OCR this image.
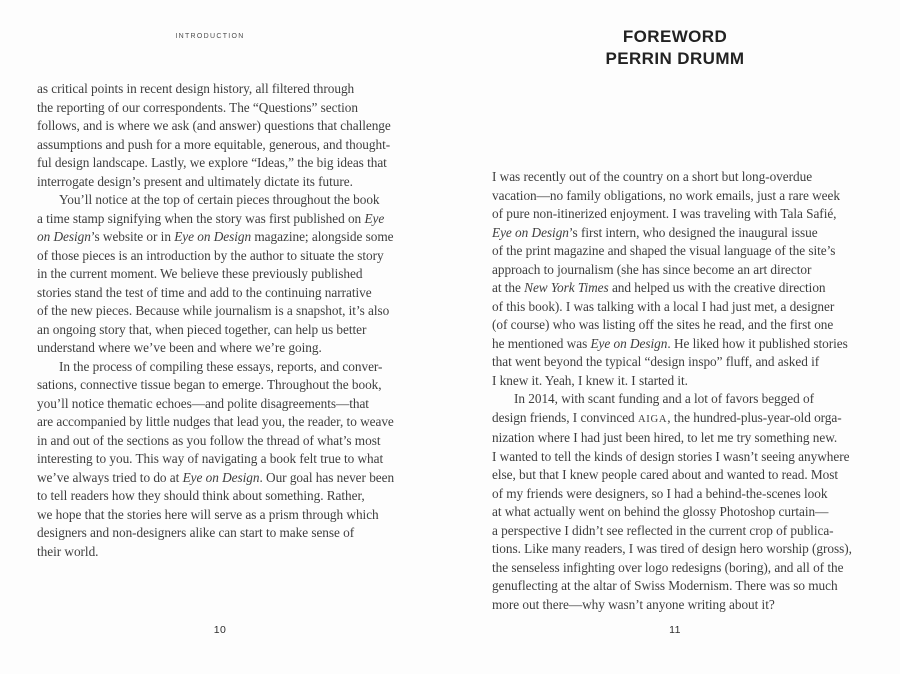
INTRODUCTION
as critical points in recent design history, all filtered through
the reporting of our correspondents. The “Questions” section
follows, and is where we ask (and answer) questions that challenge
assumptions and push for a more equitable, generous, and thought-
ful design landscape. Lastly, we explore “Ideas,” the big ideas that
interrogate design’s present and ultimately dictate its future.
You’ll notice at the top of certain pieces throughout the book
a time stamp signifying when the story was first published on Eye
on Design’s website or in Eye on Design magazine; alongside some
of those pieces is an introduction by the author to situate the story
in the current moment. We believe these previously published
stories stand the test of time and add to the continuing narrative
of the new pieces. Because while journalism is a snapshot, it’s also
an ongoing story that, when pieced together, can help us better
understand where we’ve been and where we’re going.
In the process of compiling these essays, reports, and conver-
sations, connective tissue began to emerge. Throughout the book,
you’ll notice thematic echoes—and polite disagreements—that
are accompanied by little nudges that lead you, the reader, to weave
in and out of the sections as you follow the thread of what’s most
interesting to you. This way of navigating a book felt true to what
we’ve always tried to do at Eye on Design. Our goal has never been
to tell readers how they should think about something. Rather,
we hope that the stories here will serve as a prism through which
designers and non-designers alike can start to make sense of
their world.
10
FOREWORD
PERRIN DRUMM
I was recently out of the country on a short but long-overdue
vacation—no family obligations, no work emails, just a rare week
of pure non-itinerized enjoyment. I was traveling with Tala Safié,
Eye on Design’s first intern, who designed the inaugural issue
of the print magazine and shaped the visual language of the site’s
approach to journalism (she has since become an art director
at the New York Times and helped us with the creative direction
of this book). I was talking with a local I had just met, a designer
(of course) who was listing off the sites he read, and the first one
he mentioned was Eye on Design. He liked how it published stories
that went beyond the typical “design inspo” fluff, and asked if
I knew it. Yeah, I knew it. I started it.
In 2014, with scant funding and a lot of favors begged of
design friends, I convinced AIGA, the hundred-plus-year-old orga-
nization where I had just been hired, to let me try something new.
I wanted to tell the kinds of design stories I wasn’t seeing anywhere
else, but that I knew people cared about and wanted to read. Most
of my friends were designers, so I had a behind-the-scenes look
at what actually went on behind the glossy Photoshop curtain—
a perspective I didn’t see reflected in the current crop of publica-
tions. Like many readers, I was tired of design hero worship (gross),
the senseless infighting over logo redesigns (boring), and all of the
genuflecting at the altar of Swiss Modernism. There was so much
more out there—why wasn’t anyone writing about it?
11
